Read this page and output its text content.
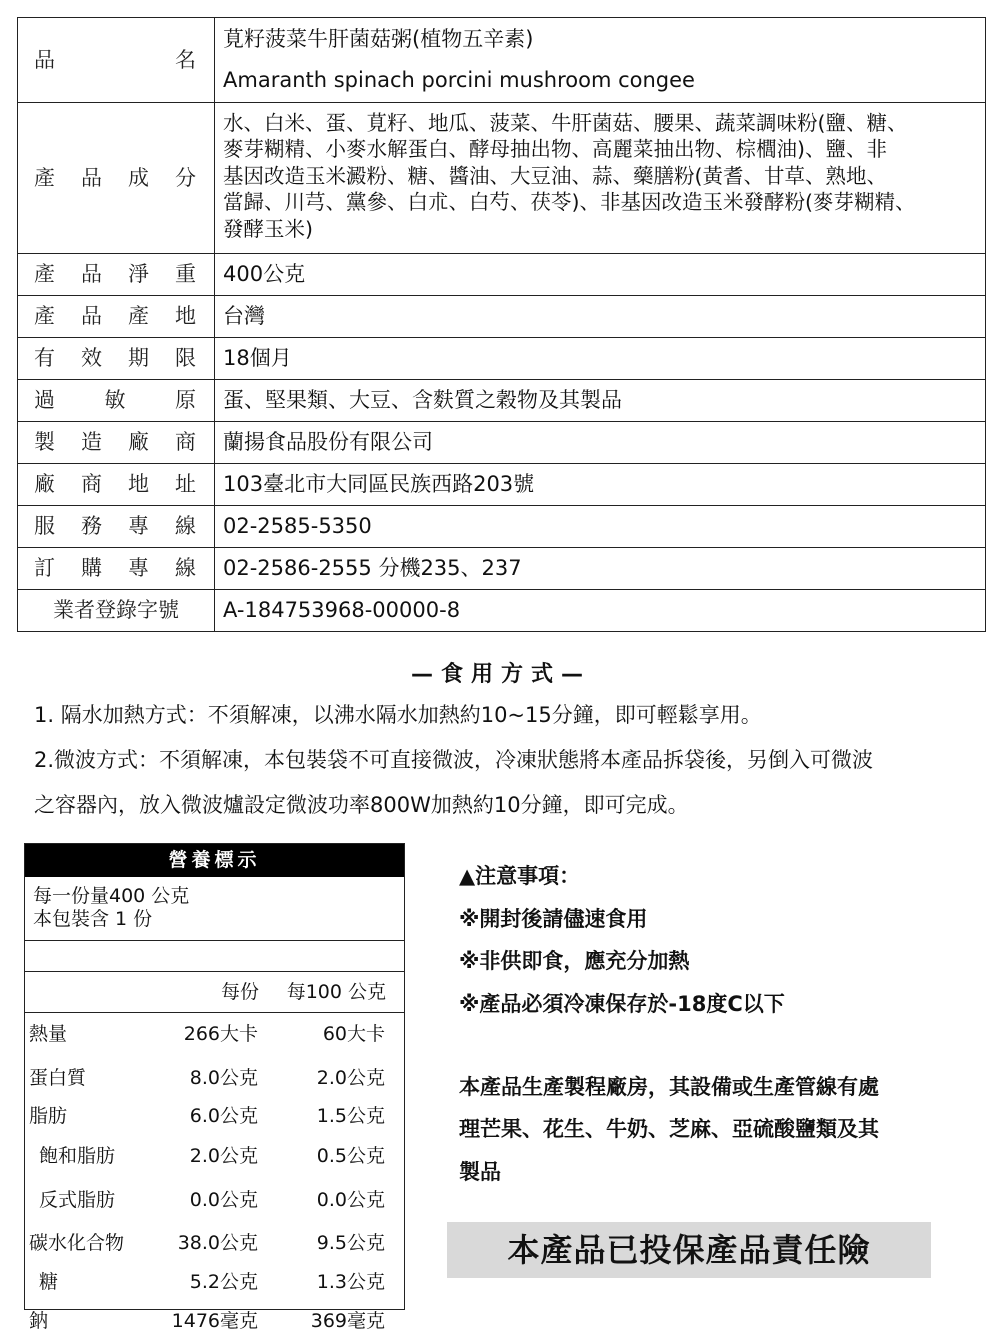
品　名	莧籽菠菜牛肝菌菇粥(植物五辛素)
Amaranth spinach porcini mushroom congee

產品成分	水、白米、蛋、莧籽、地瓜、菠菜、牛肝菌菇、腰果、蔬菜調味粉(鹽、糖、
麥芽糊精、小麥水解蛋白、酵母抽出物、高麗菜抽出物、棕櫚油)、鹽、非
基因改造玉米澱粉、糖、醬油、大豆油、蒜、藥膳粉(黃耆、甘草、熟地、
當歸、川芎、黨參、白朮、白芍、茯苓)、非基因改造玉米發酵粉(麥芽糊精、
發酵玉米)

產品淨重	400公克
產品產地	台灣
有效期限	18個月
過敏原	蛋、堅果類、大豆、含麩質之穀物及其製品
製造廠商	蘭揚食品股份有限公司
廠商地址	103臺北市大同區民族西路203號
服務專線	02-2585-5350
訂購專線	02-2586-2555 分機235、237
業者登錄字號	A-184753968-00000-8
—食用方式—
1. 隔水加熱方式：不須解凍，以沸水隔水加熱約10~15分鐘，即可輕鬆享用。
2.微波方式：不須解凍，本包裝袋不可直接微波，冷凍狀態將本產品拆袋後，另倒入可微波
之容器內，放入微波爐設定微波功率800W加熱約10分鐘，即可完成。
營養標示
每一份量400 公克
本包裝含 1 份
每份 每100 公克
熱量	266大卡	60大卡
蛋白質	8.0公克	2.0公克
脂肪	6.0公克	1.5公克
飽和脂肪	2.0公克	0.5公克
反式脂肪	0.0公克	0.0公克
碳水化合物	38.0公克	9.5公克
糖	5.2公克	1.3公克
鈉	1476毫克	369毫克
▲注意事項：
※開封後請儘速食用
※非供即食，應充分加熱
※產品必須冷凍保存於-18度C以下
本產品生產製程廠房，其設備或生產管線有處
理芒果、花生、牛奶、芝麻、亞硫酸鹽類及其
製品
本產品已投保產品責任險
